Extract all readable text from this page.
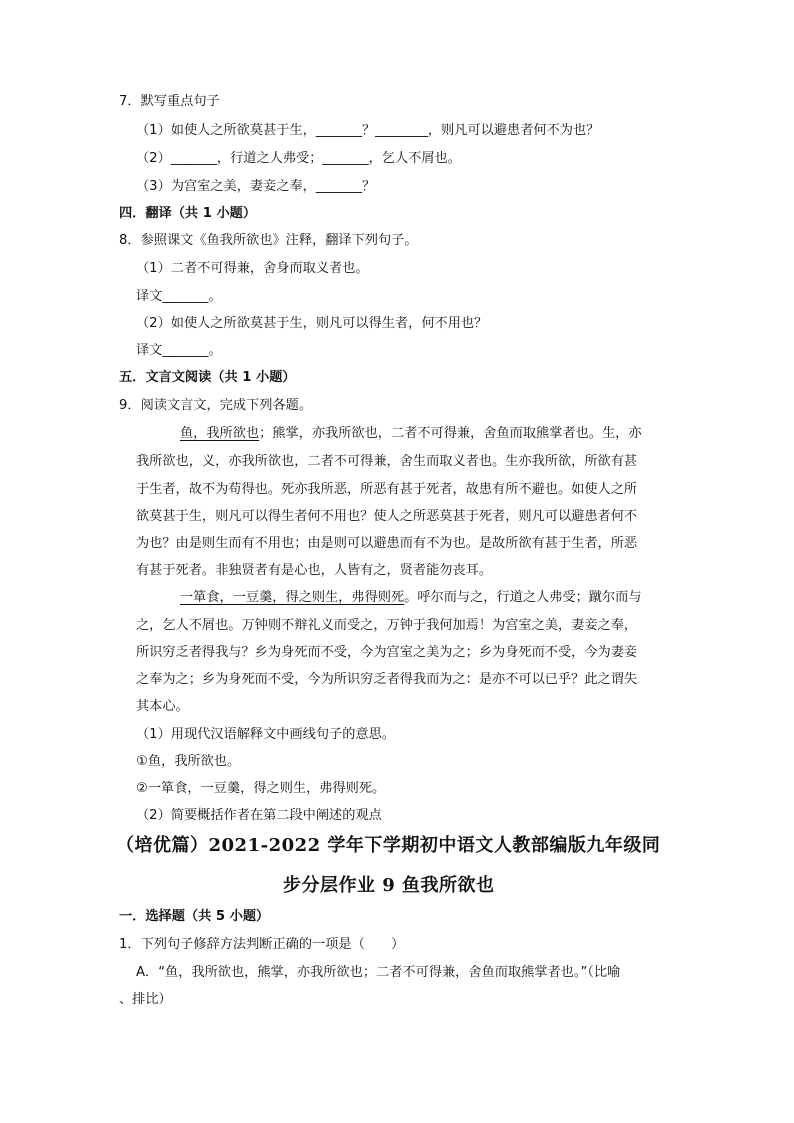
7．默写重点句子
（1）如使人之所欲莫甚于生，_______？________，则凡可以避患者何不为也？
（2）_______，行道之人弗受；_______，乞人不屑也。
（3）为宫室之美，妻妾之奉，_______？
四．翻译（共 1 小题）
8．参照课文《鱼我所欲也》注释，翻译下列句子。
（1）二者不可得兼，舍身而取义者也。
译文_______。
（2）如使人之所欲莫甚于生，则凡可以得生者，何不用也？
译文_______。
五．文言文阅读（共 1 小题）
9．阅读文言文，完成下列各题。
鱼，我所欲也；熊掌，亦我所欲也，二者不可得兼，舍鱼而取熊掌者也。生，亦
我所欲也，义，亦我所欲也，二者不可得兼，舍生而取义者也。生亦我所欲，所欲有甚
于生者，故不为苟得也。死亦我所恶，所恶有甚于死者，故患有所不避也。如使人之所
欲莫甚于生，则凡可以得生者何不用也？使人之所恶莫甚于死者，则凡可以避患者何不
为也？由是则生而有不用也；由是则可以避患而有不为也。是故所欲有甚于生者，所恶
有甚于死者。非独贤者有是心也，人皆有之，贤者能勿丧耳。
一箪食，一豆羹，得之则生，弗得则死。呼尔而与之，行道之人弗受；蹴尔而与
之，乞人不屑也。万钟则不辩礼义而受之，万钟于我何加焉！为宫室之美，妻妾之奉，
所识穷乏者得我与？乡为身死而不受，今为宫室之美为之；乡为身死而不受，今为妻妾
之奉为之；乡为身死而不受，今为所识穷乏者得我而为之：是亦不可以已乎？此之谓失
其本心。
（1）用现代汉语解释文中画线句子的意思。
①鱼，我所欲也。
②一箪食，一豆羹，得之则生，弗得则死。
（2）简要概括作者在第二段中阐述的观点
（培优篇）2021-2022 学年下学期初中语文人教部编版九年级同
步分层作业 9 鱼我所欲也
一．选择题（共 5 小题）
1．下列句子修辞方法判断正确的一项是（　　）
A．“鱼，我所欲也，熊掌，亦我所欲也；二者不可得兼，舍鱼而取熊掌者也。”（比喻
、排比）
